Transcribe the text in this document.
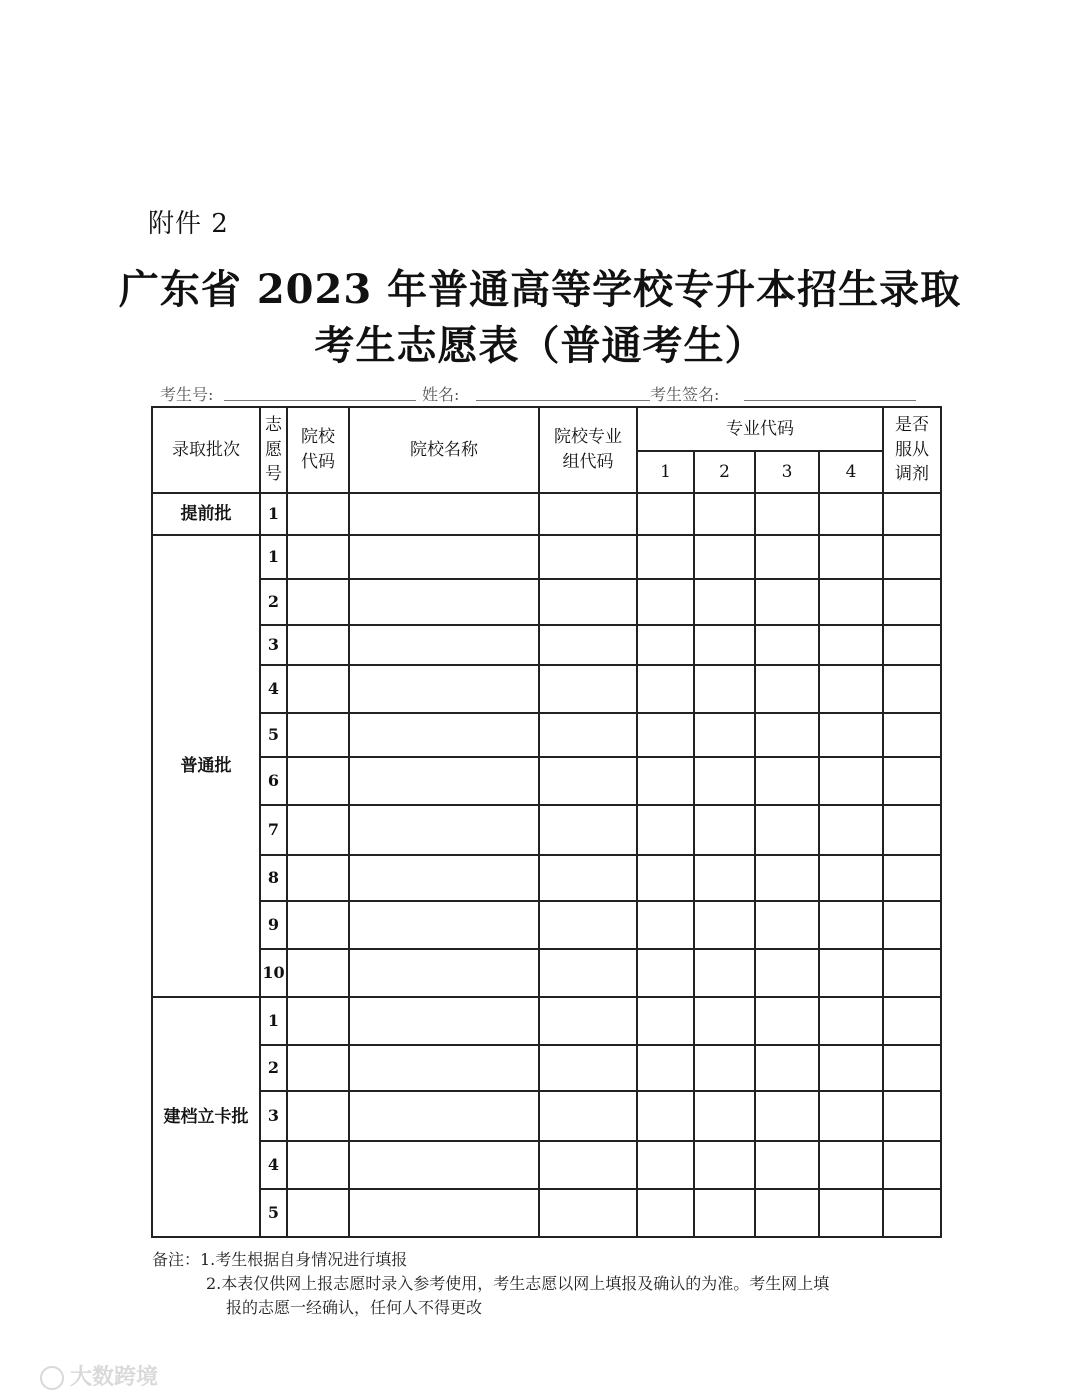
附件 2
广东省 2023 年普通高等学校专升本招生录取
考生志愿表（普通考生）
考生号:	姓名:	考生签名:
录取批次	志愿号	院校代码	院校名称	院校专业组代码	专业代码				是否服从调剂
					1	2	3	4	
提前批	1								
普通批	1								
	2								
	3								
	4								
	5								
	6								
	7								
	8								
	9								
	10								
建档立卡批	1								
	2								
	3								
	4								
	5								
备注：1.考生根据自身情况进行填报
2.本表仅供网上报志愿时录入参考使用，考生志愿以网上填报及确认的为准。考生网上填
报的志愿一经确认，任何人不得更改
大数跨境
